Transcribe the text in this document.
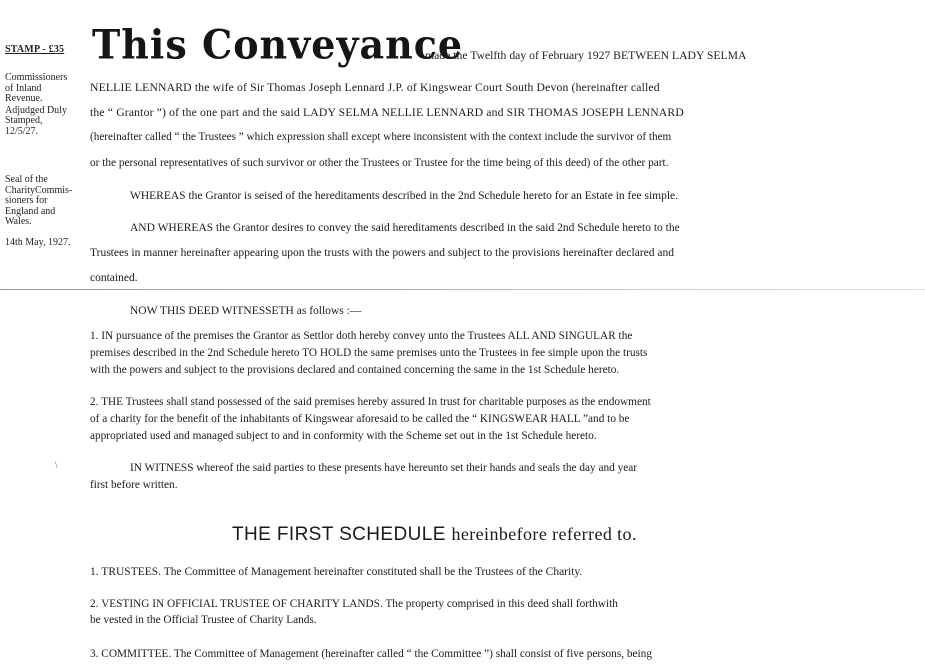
STAMP - £35
Commissioners
of Inland
Revenue.
Adjudged Duly
Stamped,
12/5/27.
Seal of the
CharityCommis-
sioners for
England and
Wales.
14th May, 1927.
\
This Conveyance
made the Twelfth day of February 1927 BETWEEN LADY SELMA
NELLIE LENNARD the wife of Sir Thomas Joseph Lennard J.P. of Kingswear Court South Devon (hereinafter called
the “ Grantor ”) of the one part and the said LADY SELMA NELLIE LENNARD and SIR THOMAS JOSEPH LENNARD
(hereinafter called “ the Trustees ” which expression shall except where inconsistent with the context include the survivor of them
or the personal representatives of such survivor or other the Trustees or Trustee for the time being of this deed) of the other part.
WHEREAS the Grantor is seised of the hereditaments described in the 2nd Schedule hereto for an Estate in fee simple.
AND WHEREAS the Grantor desires to convey the said hereditaments described in the said 2nd Schedule hereto to the
Trustees in manner hereinafter appearing upon the trusts with the powers and subject to the provisions hereinafter declared and
contained.
NOW THIS DEED WITNESSETH as follows :—
1. IN pursuance of the premises the Grantor as Settlor doth hereby convey unto the Trustees ALL AND SINGULAR the
premises described in the 2nd Schedule hereto TO HOLD the same premises unto the Trustees in fee simple upon the trusts
with the powers and subject to the provisions declared and contained concerning the same in the 1st Schedule hereto.
2. THE Trustees shall stand possessed of the said premises hereby assured In trust for charitable purposes as the endowment
of a charity for the benefit of the inhabitants of Kingswear aforesaid to be called the “ KINGSWEAR HALL ”and to be
appropriated used and managed subject to and in conformity with the Scheme set out in the 1st Schedule hereto.
IN WITNESS whereof the said parties to these presents have hereunto set their hands and seals the day and year
first before written.
THE FIRST SCHEDULE hereinbefore referred to.
1. TRUSTEES. The Committee of Management hereinafter constituted shall be the Trustees of the Charity.
2. VESTING IN OFFICIAL TRUSTEE OF CHARITY LANDS. The property comprised in this deed shall forthwith
be vested in the Official Trustee of Charity Lands.
3. COMMITTEE. The Committee of Management (hereinafter called “ the Committee ”) shall consist of five persons, being
